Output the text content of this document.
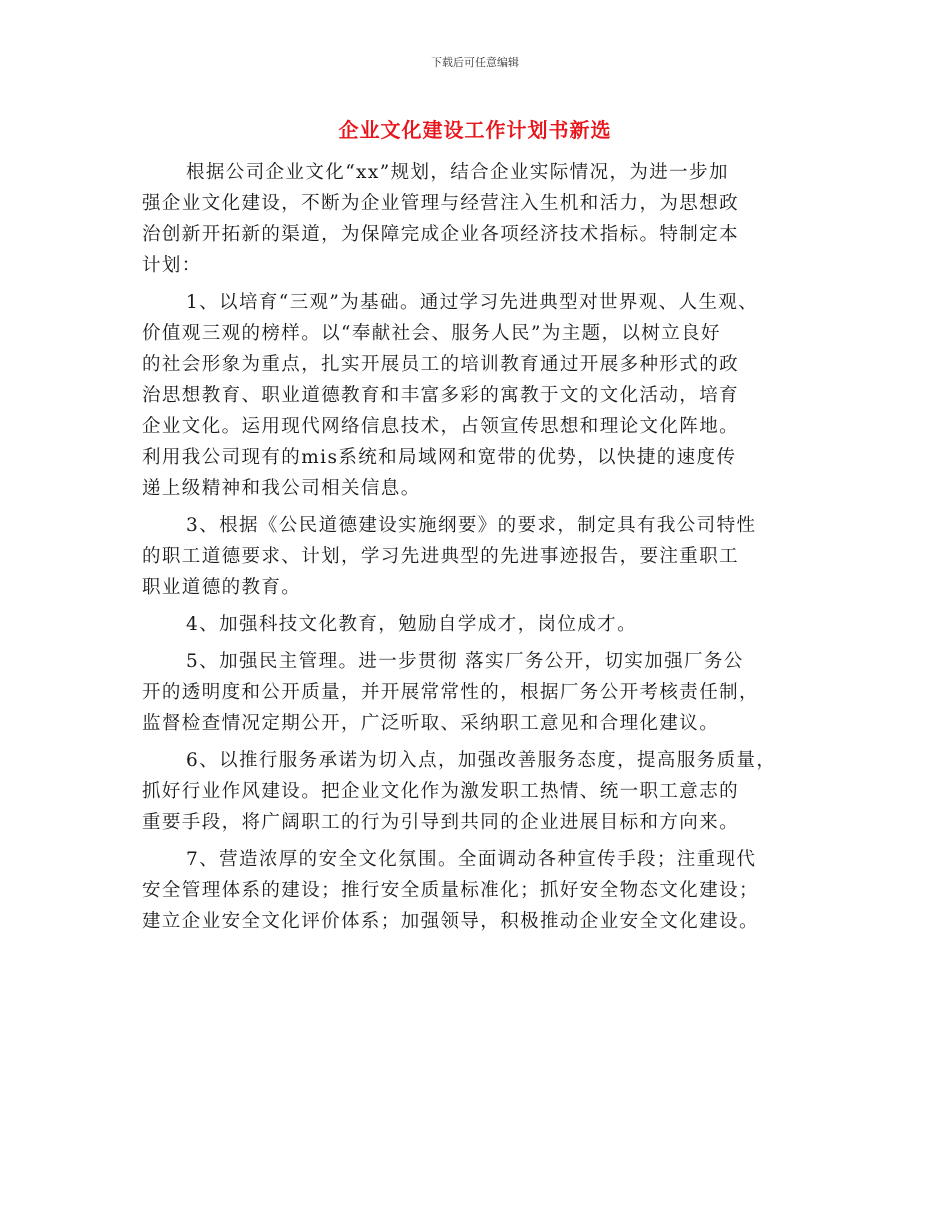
下载后可任意编辑
企业文化建设工作计划书新选
根据公司企业文化“xx”规划，结合企业实际情况，为进一步加
强企业文化建设，不断为企业管理与经营注入生机和活力，为思想政
治创新开拓新的渠道，为保障完成企业各项经济技术指标。特制定本
计划：
1、以培育“三观”为基础。通过学习先进典型对世界观、人生观、
价值观三观的榜样。以“奉献社会、服务人民”为主题，以树立良好
的社会形象为重点，扎实开展员工的培训教育通过开展多种形式的政
治思想教育、职业道德教育和丰富多彩的寓教于文的文化活动，培育
企业文化。运用现代网络信息技术，占领宣传思想和理论文化阵地。
利用我公司现有的mis系统和局域网和宽带的优势，以快捷的速度传
递上级精神和我公司相关信息。
3、根据《公民道德建设实施纲要》的要求，制定具有我公司特性
的职工道德要求、计划，学习先进典型的先进事迹报告，要注重职工
职业道德的教育。
4、加强科技文化教育，勉励自学成才，岗位成才。
5、加强民主管理。进一步贯彻 落实厂务公开，切实加强厂务公
开的透明度和公开质量，并开展常常性的，根据厂务公开考核责任制，
监督检查情况定期公开，广泛听取、采纳职工意见和合理化建议。
6、以推行服务承诺为切入点，加强改善服务态度，提高服务质量，
抓好行业作风建设。把企业文化作为激发职工热情、统一职工意志的
重要手段，将广阔职工的行为引导到共同的企业进展目标和方向来。
7、营造浓厚的安全文化氛围。全面调动各种宣传手段；注重现代
安全管理体系的建设；推行安全质量标准化；抓好安全物态文化建设；
建立企业安全文化评价体系；加强领导，积极推动企业安全文化建设。
